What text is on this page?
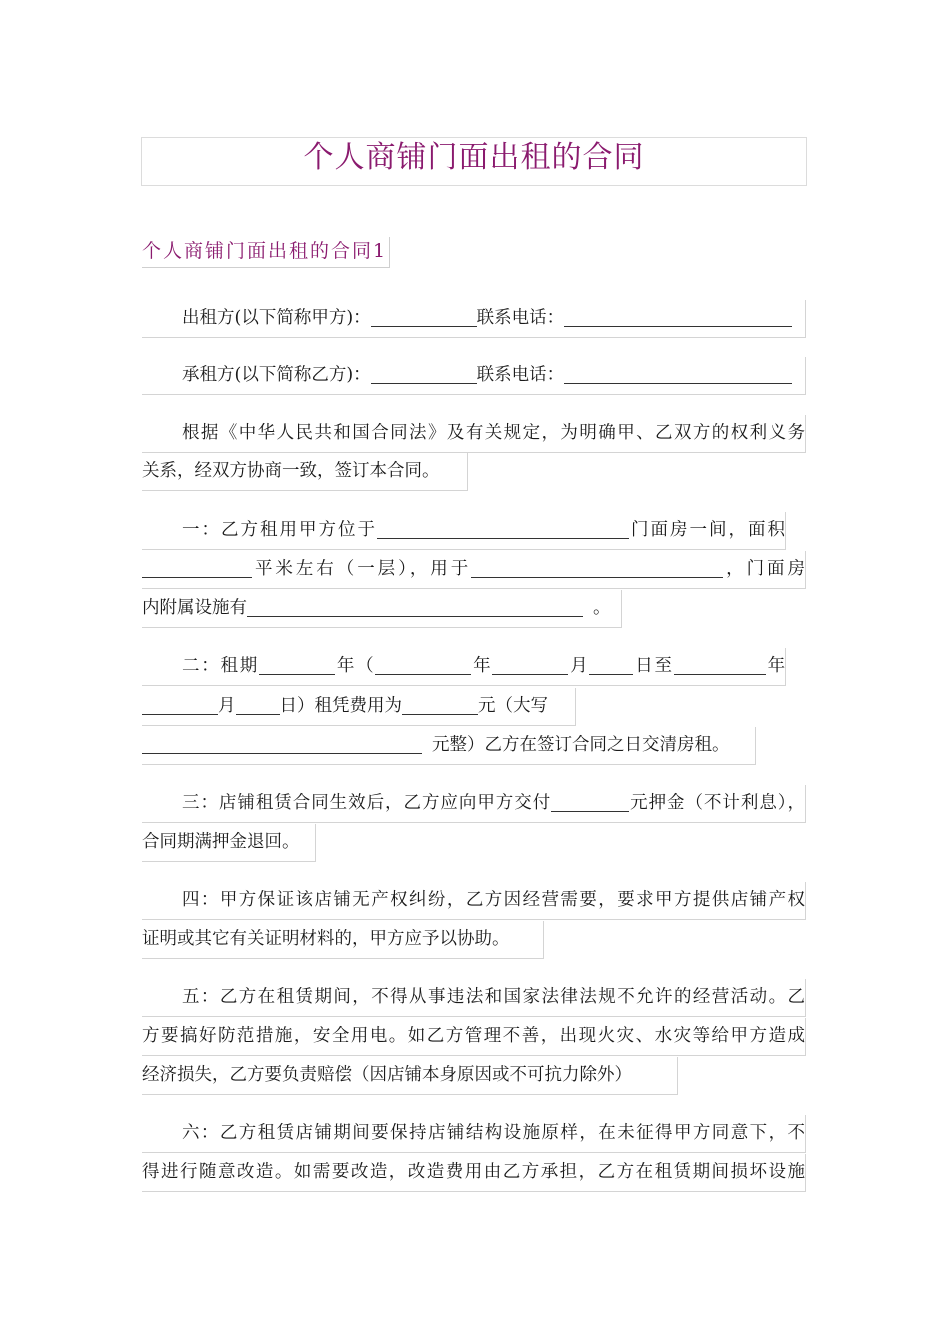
个人商铺门面出租的合同
个人商铺门面出租的合同1
出租方(以下简称甲方)：	联系电话：
承租方(以下简称乙方)：	联系电话：
根据《中华人民共和国合同法》及有关规定，为明确甲、乙双方的权利义务
关系，经双方协商一致，签订本合同。
一：乙方租用甲方位于	门面房一间，面积
平米左右（一层），用于	，门面房
内附属设施有	。
二：租期	年（	年	月	日至	年
月	日）租凭费用为	元（大写
元整）乙方在签订合同之日交清房租。
三：店铺租赁合同生效后，乙方应向甲方交付	元押金（不计利息），
合同期满押金退回。
四：甲方保证该店铺无产权纠纷，乙方因经营需要，要求甲方提供店铺产权
证明或其它有关证明材料的，甲方应予以协助。
五：乙方在租赁期间，不得从事违法和国家法律法规不允许的经营活动。乙
方要搞好防范措施，安全用电。如乙方管理不善，出现火灾、水灾等给甲方造成
经济损失，乙方要负责赔偿（因店铺本身原因或不可抗力除外）
六：乙方租赁店铺期间要保持店铺结构设施原样，在未征得甲方同意下，不
得进行随意改造。如需要改造，改造费用由乙方承担，乙方在租赁期间损坏设施
